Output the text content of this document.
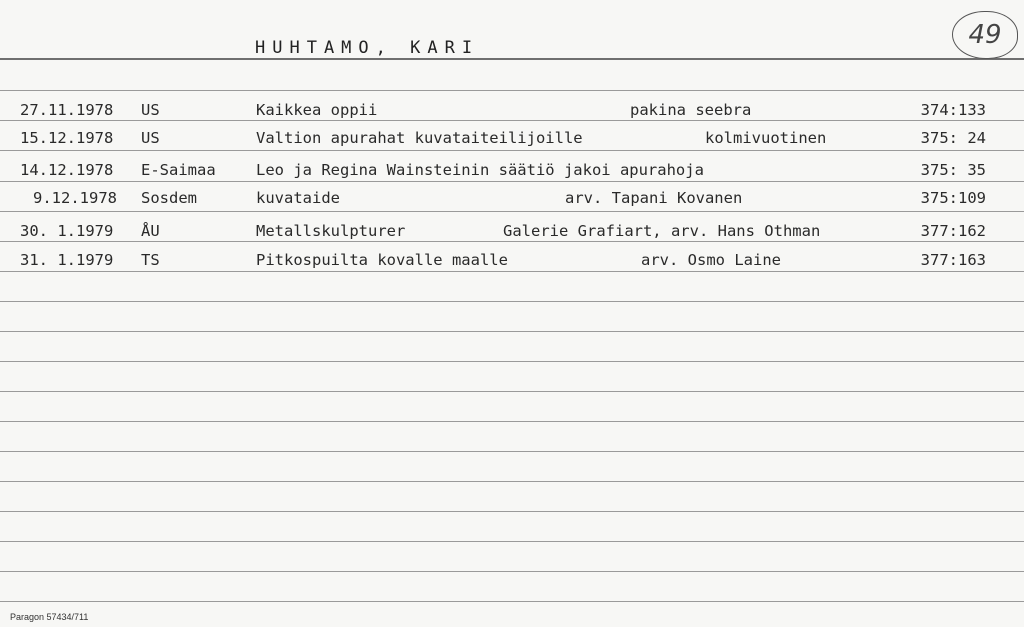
HUHTAMO, KARI	49
27.11.1978 US	Kaikkea oppii	pakina seebra	374:133
15.12.1978 US	Valtion apurahat kuvataiteilijoille	kolmivuotinen	375: 24
14.12.1978 E-Saimaa	Leo ja Regina Wainsteinin säätiö jakoi apurahoja	375: 35
9.12.1978 Sosdem	kuvataide	arv. Tapani Kovanen	375:109
30. 1.1979 ÅU	Metallskulpturer	Galerie Grafiart, arv. Hans Othman	377:162
31. 1.1979 TS	Pitkospuilta kovalle maalle	arv. Osmo Laine	377:163
Paragon 57434/711
